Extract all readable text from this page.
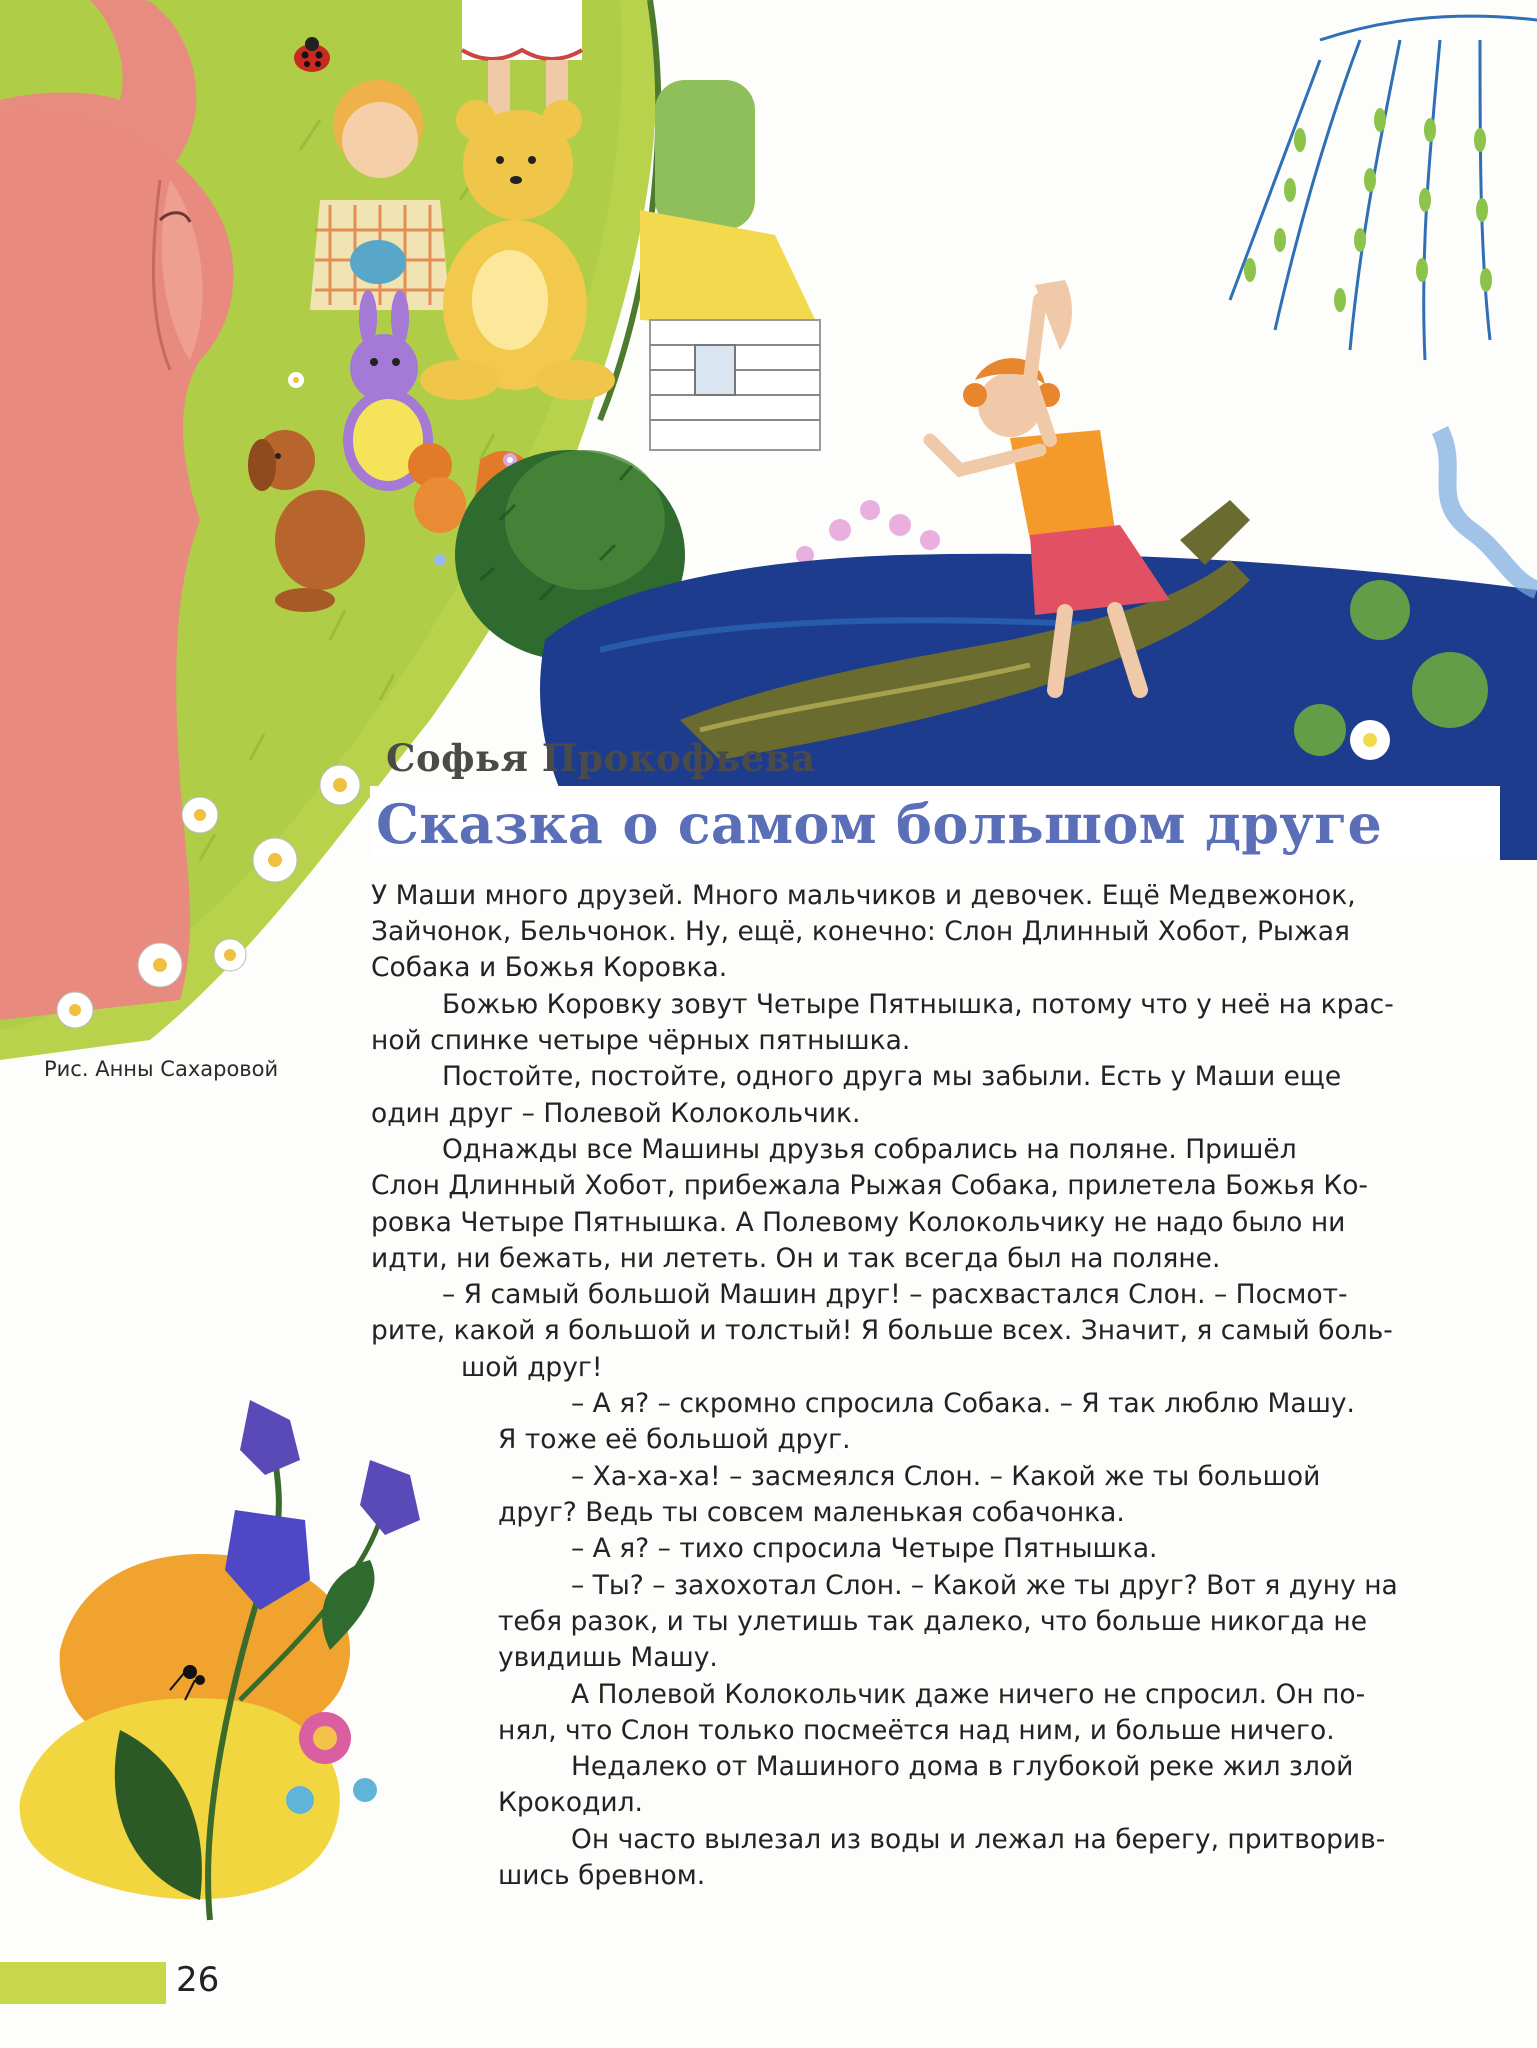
Софья Прокофьева
Сказка о самом большом друге
Рис. Анны Сахаровой
У Маши много друзей. Много мальчиков и девочек. Ещё Медвежонок,
Зайчонок, Бельчонок. Ну, ещё, конечно: Слон Длинный Хобот, Рыжая
Собака и Божья Коровка.
Божью Коровку зовут Четыре Пятнышка, потому что у неё на крас-
ной спинке четыре чёрных пятнышка.
Постойте, постойте, одного друга мы забыли. Есть у Маши еще
один друг – Полевой Колокольчик.
Однажды все Машины друзья собрались на поляне. Пришёл
Слон Длинный Хобот, прибежала Рыжая Собака, прилетела Божья Ко-
ровка Четыре Пятнышка. А Полевому Колокольчику не надо было ни
идти, ни бежать, ни лететь. Он и так всегда был на поляне.
– Я самый большой Машин друг! – расхвастался Слон. – Посмот-
рите, какой я большой и толстый! Я больше всех. Значит, я самый боль-
шой друг!
– А я? – скромно спросила Собака. – Я так люблю Машу.
Я тоже её большой друг.
– Ха-ха-ха! – засмеялся Слон. – Какой же ты большой
друг? Ведь ты совсем маленькая собачонка.
– А я? – тихо спросила Четыре Пятнышка.
– Ты? – захохотал Слон. – Какой же ты друг? Вот я дуну на
тебя разок, и ты улетишь так далеко, что больше никогда не
увидишь Машу.
А Полевой Колокольчик даже ничего не спросил. Он по-
нял, что Слон только посмеётся над ним, и больше ничего.
Недалеко от Машиного дома в глубокой реке жил злой
Крокодил.
Он часто вылезал из воды и лежал на берегу, притворив-
шись бревном.
26
